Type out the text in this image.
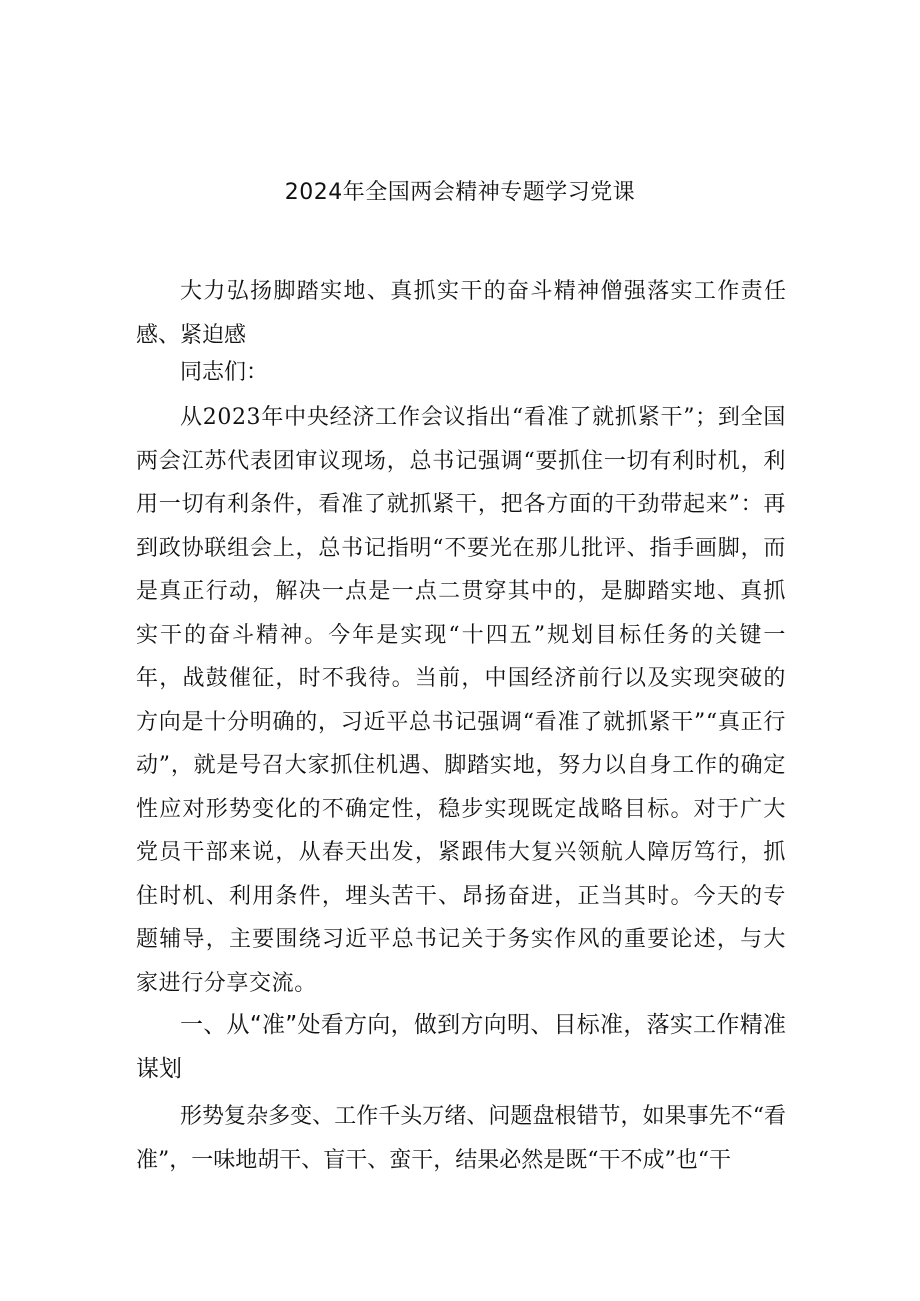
2024年全国两会精神专题学习党课

大力弘扬脚踏实地、真抓实干的奋斗精神僧强落实工作责任感、紧迫感

同志们：

从2023年中央经济工作会议指出“看准了就抓紧干”；到全国两会江苏代表团审议现场，总书记强调“要抓住一切有利时机，利用一切有利条件，看准了就抓紧干，把各方面的干劲带起来”：再到政协联组会上，总书记指明“不要光在那儿批评、指手画脚，而是真正行动，解决一点是一点二贯穿其中的，是脚踏实地、真抓实干的奋斗精神。今年是实现“十四五”规划目标任务的关键一年，战鼓催征，时不我待。当前，中国经济前行以及实现突破的方向是十分明确的，习近平总书记强调“看准了就抓紧干”“真正行动”，就是号召大家抓住机遇、脚踏实地，努力以自身工作的确定性应对形势变化的不确定性，稳步实现既定战略目标。对于广大党员干部来说，从春天出发，紧跟伟大复兴领航人障厉笃行，抓住时机、利用条件，埋头苦干、昂扬奋进，正当其时。今天的专题辅导，主要围绕习近平总书记关于务实作风的重要论述，与大家进行分享交流。

一、从“准”处看方向，做到方向明、目标准，落实工作精准谋划

形势复杂多变、工作千头万绪、问题盘根错节，如果事先不“看准”，一味地胡干、盲干、蛮干，结果必然是既“干不成”也“干
